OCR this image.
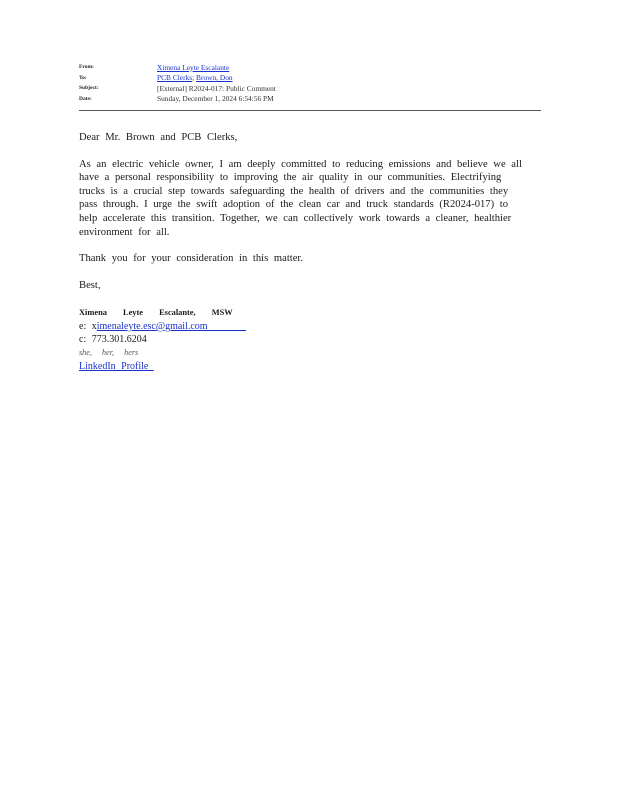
From:	Ximena Leyte Escalante
To:	PCB Clerks; Brown, Don
Subject:	[External] R2024-017: Public Comment
Date:	Sunday, December 1, 2024 6:54:56 PM

Dear Mr. Brown and PCB Clerks,

As an electric vehicle owner, I am deeply committed to reducing emissions and believe we all
have a personal responsibility to improving the air quality in our communities. Electrifying
trucks is a crucial step towards safeguarding the health of drivers and the communities they
pass through. I urge the swift adoption of the clean car and truck standards (R2024-017) to
help accelerate this transition. Together, we can collectively work towards a cleaner, healthier
environment for all.

Thank you for your consideration in this matter.

Best,

Ximena Leyte Escalante, MSW
e: ximenaleyte.esc@gmail.com
c: 773.301.6204
she, her, hers
LinkedIn Profile
